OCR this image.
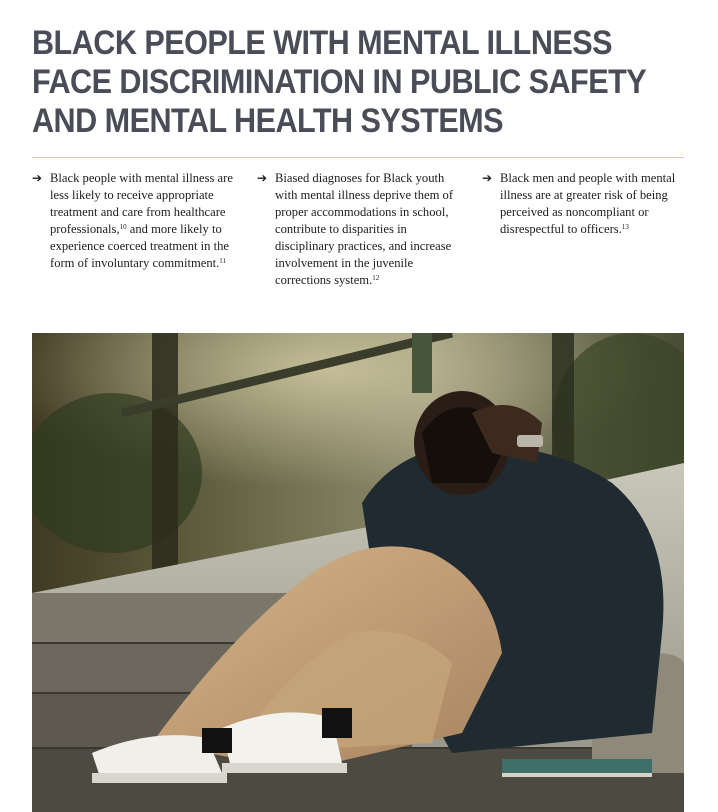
BLACK PEOPLE WITH MENTAL ILLNESS
FACE DISCRIMINATION IN PUBLIC SAFETY
AND MENTAL HEALTH SYSTEMS
➔ Black people with mental illness are less likely to receive appropriate treatment and care from healthcare professionals,$^{10}$ and more likely to experience coerced treatment in the form of involuntary commitment.$^{11}$
➔ Biased diagnoses for Black youth with mental illness deprive them of proper accommodations in school, contribute to disparities in disciplinary practices, and increase involvement in the juvenile corrections system.$^{12}$
➔ Black men and people with mental illness are at greater risk of being perceived as noncompliant or disrespectful to officers.$^{13}$
